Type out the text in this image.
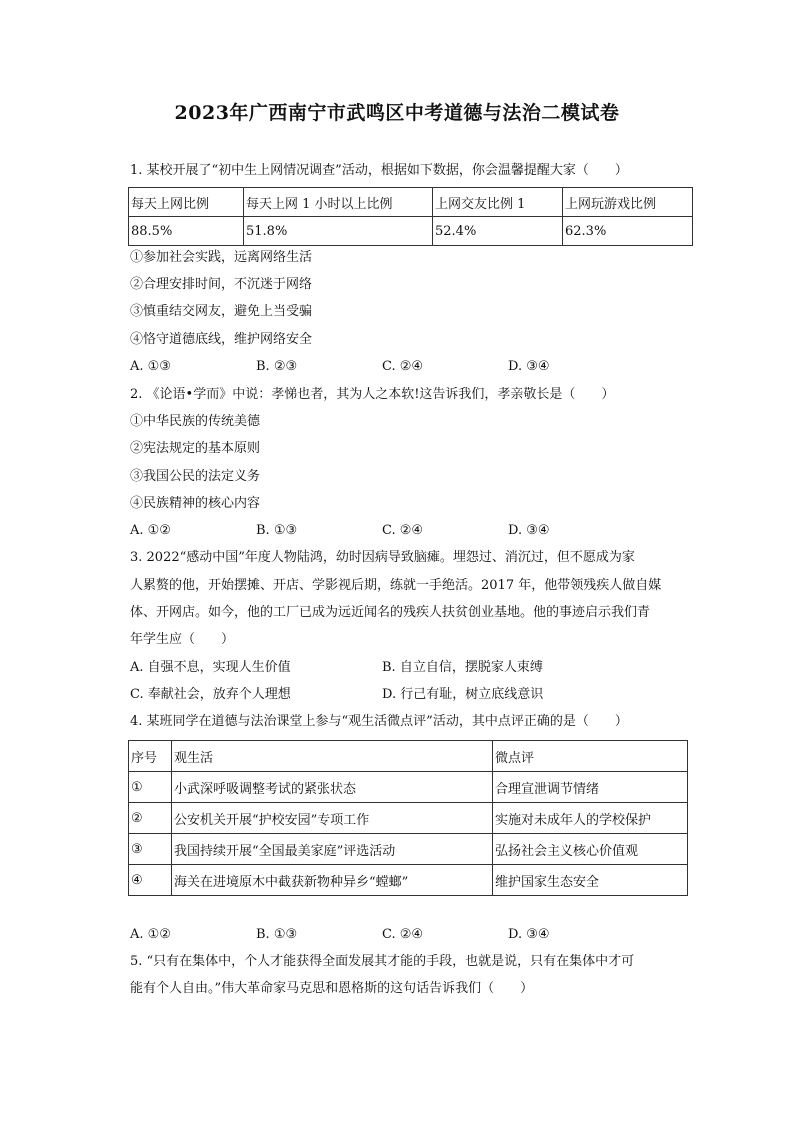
2023年广西南宁市武鸣区中考道德与法治二模试卷
1. 某校开展了“初中生上网情况调查”活动，根据如下数据，你会温馨提醒大家（　　）
每天上网比例	每天上网 1 小时以上比例	上网交友比例 1	上网玩游戏比例
88.5%	51.8%	52.4%	62.3%
①参加社会实践，远离网络生活
②合理安排时间，不沉迷于网络
③慎重结交网友，避免上当受骗
④恪守道德底线，维护网络安全
A. ①③	B. ②③	C. ②④	D. ③④
2. 《论语•学而》中说：孝悌也者，其为人之本软!这告诉我们，孝亲敬长是（　　）
①中华民族的传统美德
②宪法规定的基本原则
③我国公民的法定义务
④民族精神的核心内容
A. ①②	B. ①③	C. ②④	D. ③④
3. 2022“感动中国”年度人物陆鸿，幼时因病导致脑瘫。埋怨过、消沉过，但不愿成为家
人累赘的他，开始摆摊、开店、学影视后期，练就一手绝活。2017 年，他带领残疾人做自媒
体、开网店。如今，他的工厂已成为远近闻名的残疾人扶贫创业基地。他的事迹启示我们青
年学生应（　　）
A. 自强不息，实现人生价值	B. 自立自信，摆脱家人束缚
C. 奉献社会，放弃个人理想	D. 行己有耻，树立底线意识
4. 某班同学在道德与法治课堂上参与“观生活微点评”活动，其中点评正确的是（　　）
序号	观生活	微点评
①	小武深呼吸调整考试的紧张状态	合理宣泄调节情绪
②	公安机关开展“护校安园”专项工作	实施对未成年人的学校保护
③	我国持续开展“全国最美家庭”评选活动	弘扬社会主义核心价值观
④	海关在进境原木中截获新物种异乡“螳螂”	维护国家生态安全
A. ①②	B. ①③	C. ②④	D. ③④
5. “只有在集体中，个人才能获得全面发展其才能的手段，也就是说，只有在集体中才可
能有个人自由。”伟大革命家马克思和恩格斯的这句话告诉我们（　　）
